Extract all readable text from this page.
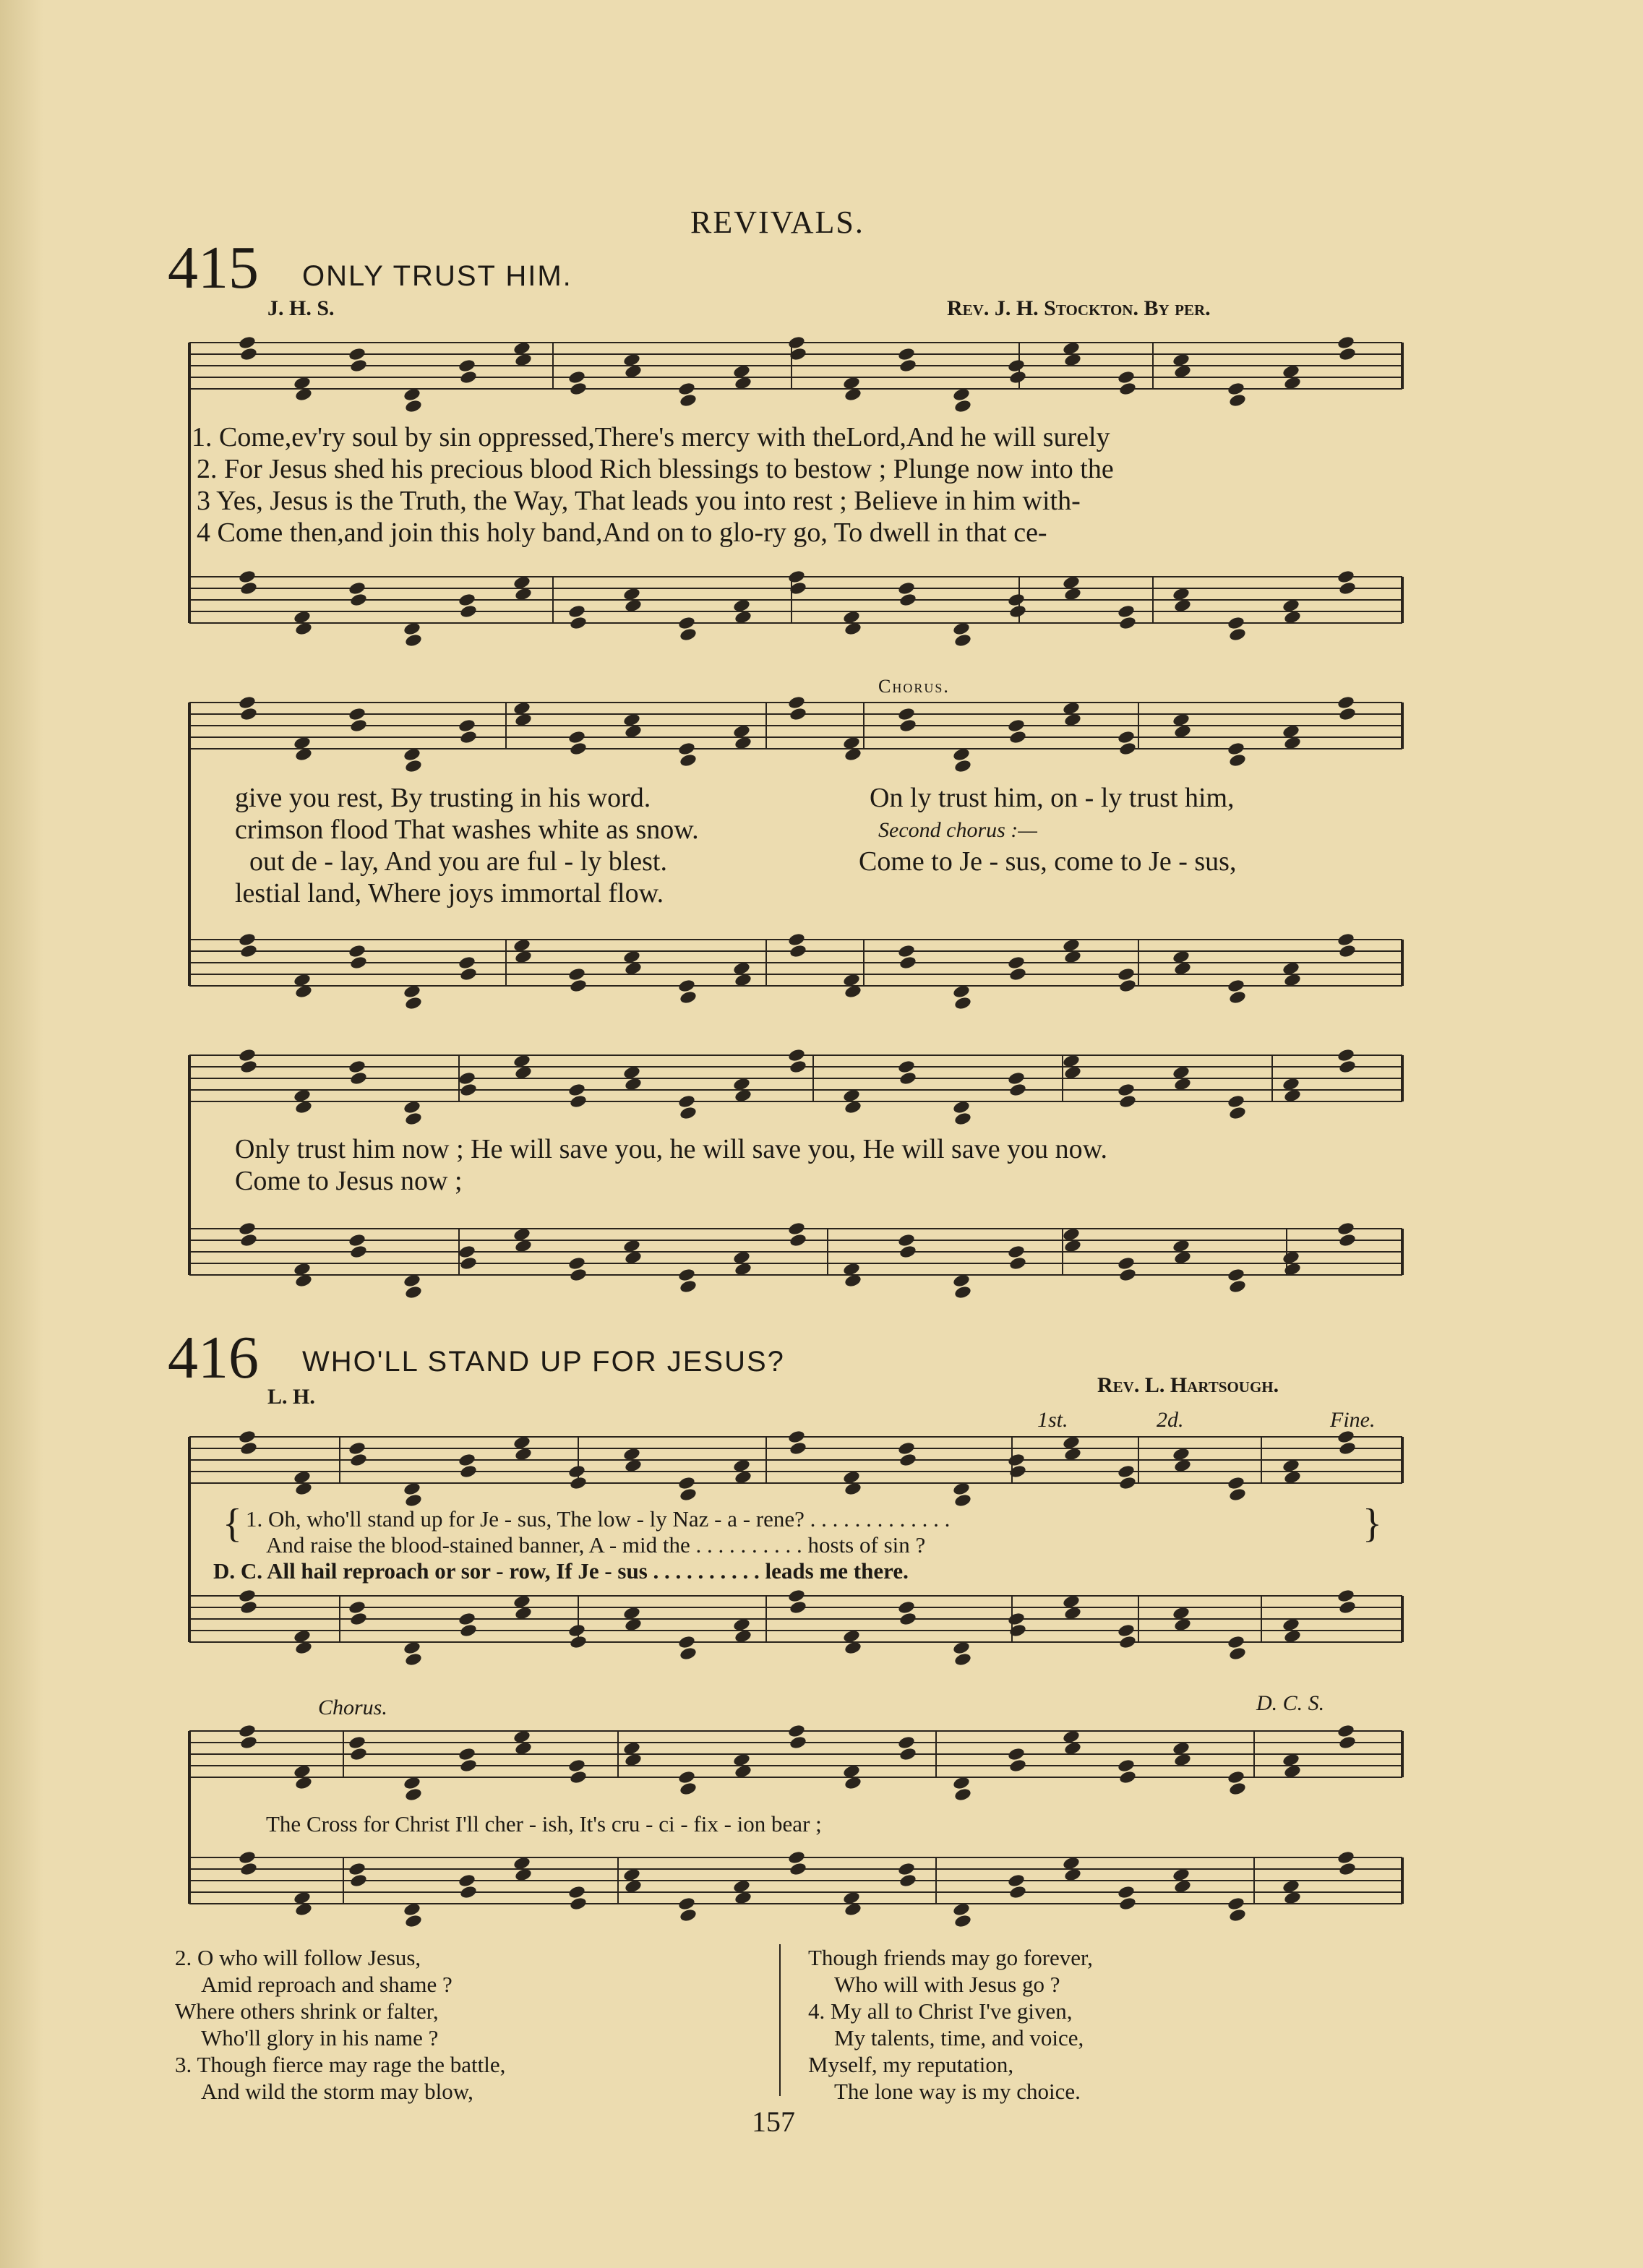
REVIVALS.
415 ONLY TRUST HIM.
J. H. S.	Rev. J. H. Stockton. By per.
1. Come,ev'ry soul by sin oppressed,There's mercy with theLord,And he will surely
2. For Jesus shed his precious blood Rich blessings to bestow ; Plunge now into the
3 Yes, Jesus is the Truth, the Way, That leads you into rest ; Believe in him with-
4 Come then,and join this holy band,And on to glo-ry go, To dwell in that ce-
Chorus.
give you rest, By trusting in his word.
crimson flood That washes white as snow.
out de - lay, And you are ful - ly blest.
lestial land, Where joys immortal flow.
On ly trust him, on - ly trust him,
Second chorus :—
Come to Je - sus, come to Je - sus,
Only trust him now ; He will save you, he will save you, He will save you now.
Come to Jesus now ;
416 WHO'LL STAND UP FOR JESUS?
L. H.	Rev. L. Hartsough.
1st.	2d.	Fine.
1. Oh, who'll stand up for Je - sus, The low - ly Naz - a - rene? . . . . . . . . . . . . .
And raise the blood-stained banner, A - mid the . . . . . . . . . . hosts of sin ?
D. C. All hail reproach or sor - row, If Je - sus . . . . . . . . . . leads me there.
{	}
Chorus.	D. C. S.
The Cross for Christ I'll cher - ish, It's cru - ci - fix - ion bear ;
2. O who will follow Jesus,
Amid reproach and shame ?
Where others shrink or falter,
Who'll glory in his name ?
3. Though fierce may rage the battle,
And wild the storm may blow,
Though friends may go forever,
Who will with Jesus go ?
4. My all to Christ I've given,
My talents, time, and voice,
Myself, my reputation,
The lone way is my choice.
157
